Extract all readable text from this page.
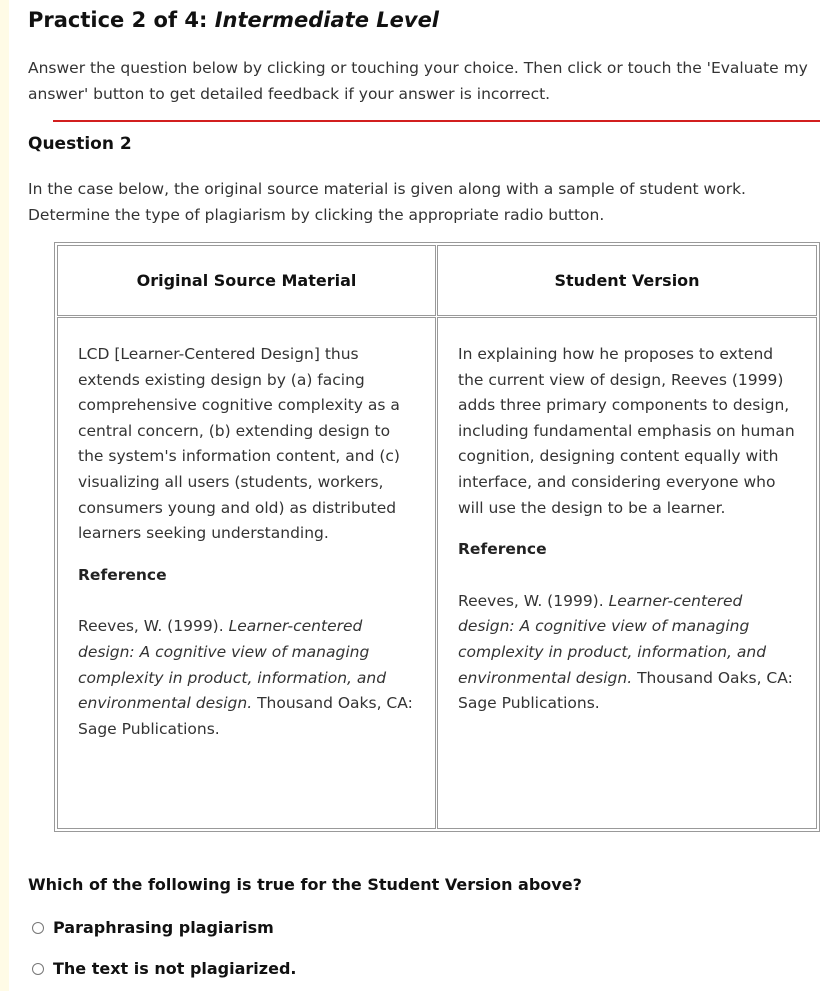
Practice 2 of 4: Intermediate Level
Answer the question below by clicking or touching your choice. Then click or touch the 'Evaluate my
answer' button to get detailed feedback if your answer is incorrect.
Question 2
In the case below, the original source material is given along with a sample of student work.
Determine the type of plagiarism by clicking the appropriate radio button.
Original Source Material	Student Version

LCD [Learner-Centered Design] thus extends existing design by (a) facing comprehensive cognitive complexity as a central concern, (b) extending design to the system's information content, and (c) visualizing all users (students, workers, consumers young and old) as distributed learners seeking understanding.

Reference

Reeves, W. (1999). Learner-centered design: A cognitive view of managing complexity in product, information, and environmental design. Thousand Oaks, CA: Sage Publications.

In explaining how he proposes to extend the current view of design, Reeves (1999) adds three primary components to design, including fundamental emphasis on human cognition, designing content equally with interface, and considering everyone who will use the design to be a learner.

Reference

Reeves, W. (1999). Learner-centered design: A cognitive view of managing complexity in product, information, and environmental design. Thousand Oaks, CA: Sage Publications.

Which of the following is true for the Student Version above?
Paraphrasing plagiarism
The text is not plagiarized.
